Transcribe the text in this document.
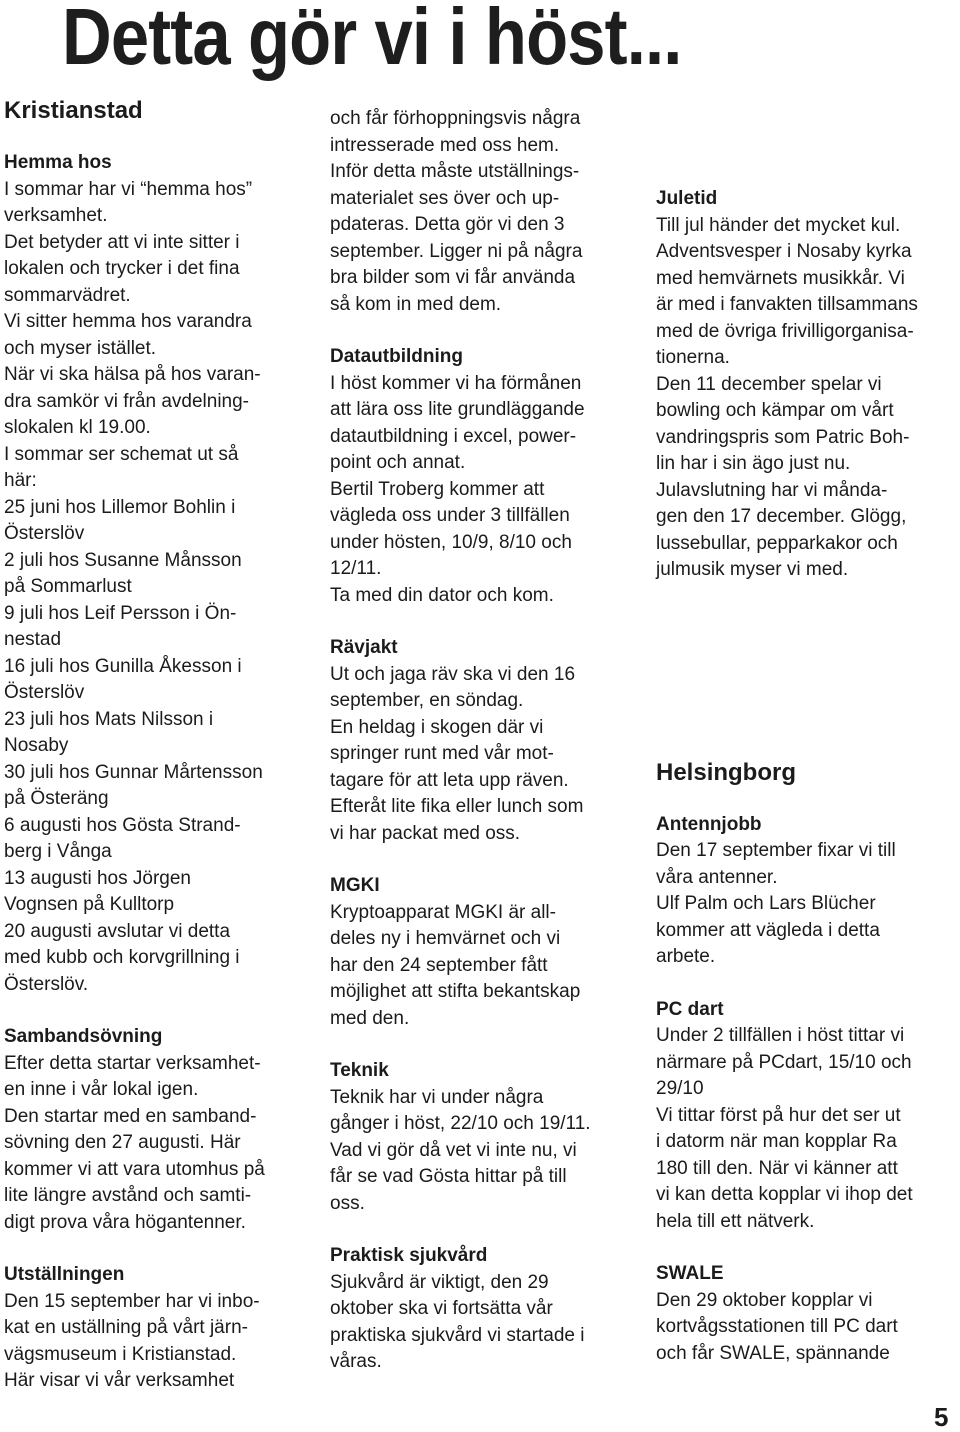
Detta gör vi i höst...
Kristianstad
Hemma hos
I sommar har vi “hemma hos”
verksamhet.
Det betyder att vi inte sitter i
lokalen och trycker i det fina
sommarvädret.
Vi sitter hemma hos varandra
och myser istället.
När vi ska hälsa på hos varan-
dra samkör vi från avdelning-
slokalen kl 19.00.
I sommar ser schemat ut så
här:
25 juni hos Lillemor Bohlin i
Österslöv
2 juli hos Susanne Månsson
på Sommarlust
9 juli hos Leif Persson i Ön-
nestad
16 juli hos Gunilla Åkesson i
Österslöv
23 juli hos Mats Nilsson i
Nosaby
30 juli hos Gunnar Mårtensson
på Österäng
6 augusti hos Gösta Strand-
berg i Vånga
13 augusti hos Jörgen
Vognsen på Kulltorp
20 augusti avslutar vi detta
med kubb och korvgrillning i
Österslöv.
Sambandsövning
Efter detta startar verksamhet-
en inne i vår lokal igen.
Den startar med en samband-
sövning den 27 augusti. Här
kommer vi att vara utomhus på
lite längre avstånd och samti-
digt prova våra högantenner.
Utställningen
Den 15 september har vi inbo-
kat en uställning på vårt järn-
vägsmuseum i Kristianstad.
Här visar vi vår verksamhet
och får förhoppningsvis några
intresserade med oss hem.
Inför detta måste utställnings-
materialet ses över och up-
pdateras. Detta gör vi den 3
september. Ligger ni på några
bra bilder som vi får använda
så kom in med dem.
Datautbildning
I höst kommer vi ha förmånen
att lära oss lite grundläggande
datautbildning i excel, power-
point och annat.
Bertil Troberg kommer att
vägleda oss under 3 tillfällen
under hösten, 10/9, 8/10 och
12/11.
Ta med din dator och kom.
Rävjakt
Ut och jaga räv ska vi den 16
september, en söndag.
En heldag i skogen där vi
springer runt med vår mot-
tagare för att leta upp räven.
Efteråt lite fika eller lunch som
vi har packat med oss.
MGKI
Kryptoapparat MGKI är all-
deles ny i hemvärnet och vi
har den 24 september fått
möjlighet att stifta bekantskap
med den.
Teknik
Teknik har vi under några
gånger i höst, 22/10 och 19/11.
Vad vi gör då vet vi inte nu, vi
får se vad Gösta hittar på till
oss.
Praktisk sjukvård
Sjukvård är viktigt, den 29
oktober ska vi fortsätta vår
praktiska sjukvård vi startade i
våras.
Juletid
Till jul händer det mycket kul.
Adventsvesper i Nosaby kyrka
med hemvärnets musikkår. Vi
är med i fanvakten tillsammans
med de övriga frivilligorganisa-
tionerna.
Den 11 december spelar vi
bowling och kämpar om vårt
vandringspris som Patric Boh-
lin har i sin ägo just nu.
Julavslutning har vi månda-
gen den 17 december. Glögg,
lussebullar, pepparkakor och
julmusik myser vi med.
Helsingborg
Antennjobb
Den 17 september fixar vi till
våra antenner.
Ulf Palm och Lars Blücher
kommer att vägleda i detta
arbete.
PC dart
Under 2 tillfällen i höst tittar vi
närmare på PCdart, 15/10 och
29/10
Vi tittar först på hur det ser ut
i datorm när man kopplar Ra
180 till den. När vi känner att
vi kan detta kopplar vi ihop det
hela till ett nätverk.
SWALE
Den 29 oktober kopplar vi
kortvågsstationen till PC dart
och får SWALE, spännande
5
